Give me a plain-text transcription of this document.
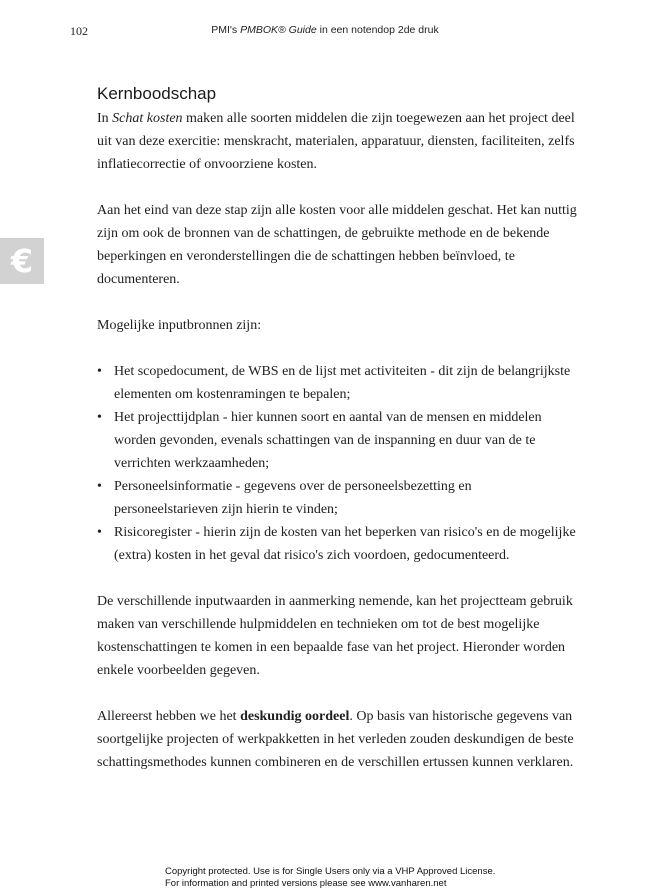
102	PMI's PMBOK® Guide in een notendop 2de druk
€
Kernboodschap

In Schat kosten maken alle soorten middelen die zijn toegewezen aan het project deel uit van deze exercitie: menskracht, materialen, apparatuur, diensten, faciliteiten, zelfs inflatiecorrectie of onvoorziene kosten.

Aan het eind van deze stap zijn alle kosten voor alle middelen geschat. Het kan nuttig zijn om ook de bronnen van de schattingen, de gebruikte methode en de bekende beperkingen en veronderstellingen die de schattingen hebben beïnvloed, te documenteren.

Mogelijke inputbronnen zijn:

• Het scopedocument, de WBS en de lijst met activiteiten - dit zijn de belangrijkste elementen om kostenramingen te bepalen;
• Het projecttijdplan - hier kunnen soort en aantal van de mensen en middelen worden gevonden, evenals schattingen van de inspanning en duur van de te verrichten werkzaamheden;
• Personeelsinformatie - gegevens over de personeelsbezetting en personeelstarieven zijn hierin te vinden;
• Risicoregister - hierin zijn de kosten van het beperken van risico's en de mogelijke (extra) kosten in het geval dat risico's zich voordoen, gedocumenteerd.

De verschillende inputwaarden in aanmerking nemende, kan het projectteam gebruik maken van verschillende hulpmiddelen en technieken om tot de best mogelijke kostenschattingen te komen in een bepaalde fase van het project. Hieronder worden enkele voorbeelden gegeven.

Allereerst hebben we het deskundig oordeel. Op basis van historische gegevens van soortgelijke projecten of werkpakketten in het verleden zouden deskundigen de beste schattingsmethodes kunnen combineren en de verschillen ertussen kunnen verklaren.

Copyright protected. Use is for Single Users only via a VHP Approved License.
For information and printed versions please see www.vanharen.net
